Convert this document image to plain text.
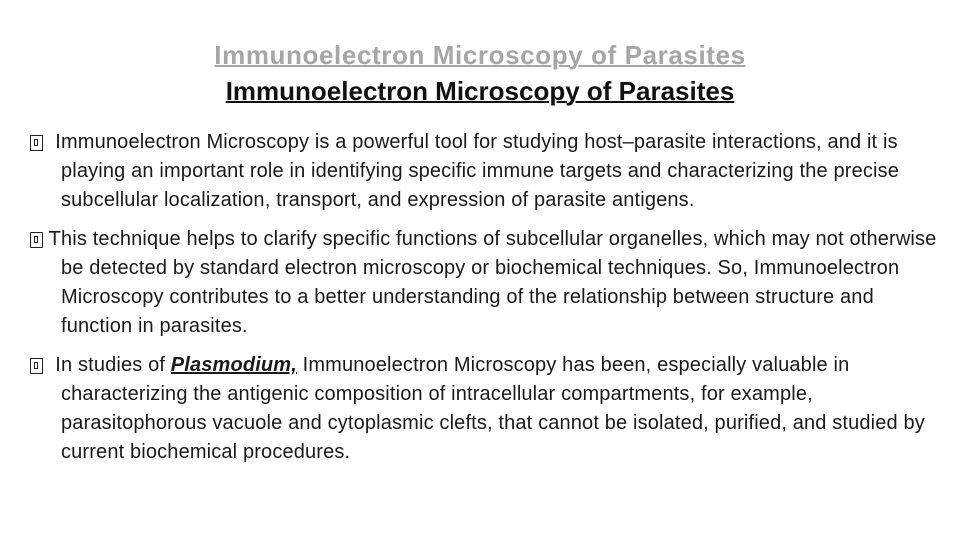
Immunoelectron Microscopy of Parasites
Immunoelectron Microscopy of Parasites
Immunoelectron Microscopy is a powerful tool for studying host–parasite interactions, and it is playing an important role in identifying specific immune targets and characterizing the precise subcellular localization, transport, and expression of parasite antigens.
This technique helps to clarify specific functions of subcellular organelles, which may not otherwise be detected by standard electron microscopy or biochemical techniques. So, Immunoelectron Microscopy contributes to a better understanding of the relationship between structure and function in parasites.
In studies of Plasmodium, Immunoelectron Microscopy has been, especially valuable in characterizing the antigenic composition of intracellular compartments, for example, parasitophorous vacuole and cytoplasmic clefts, that cannot be isolated, purified, and studied by current biochemical procedures.
